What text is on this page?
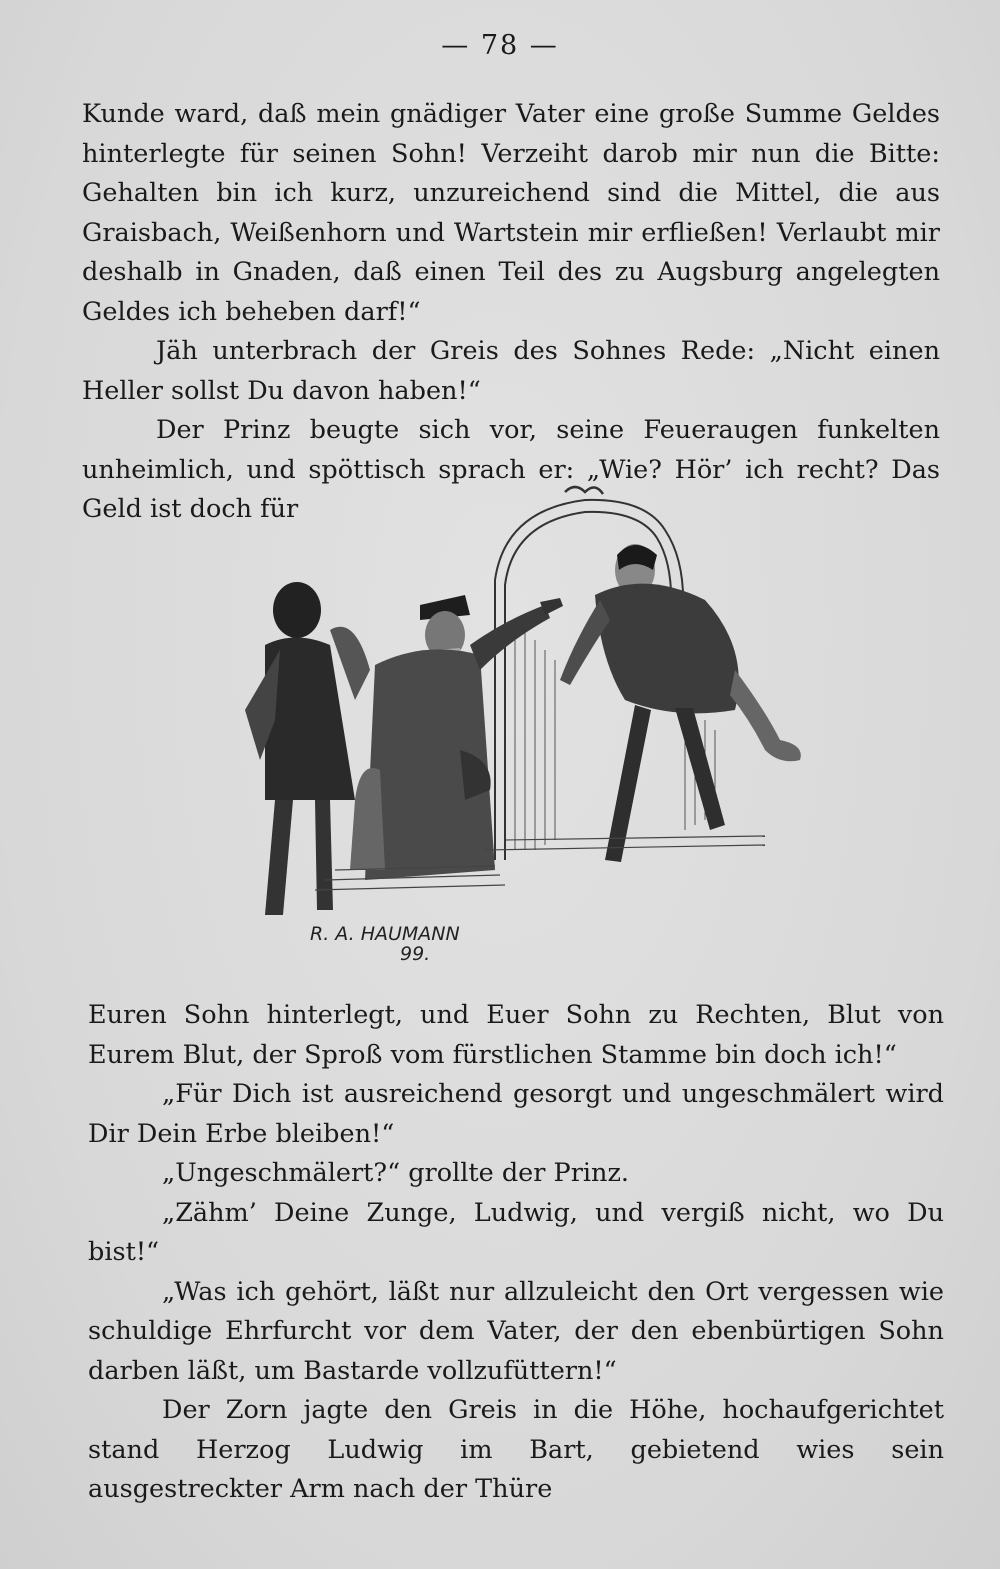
— 78 —

Kunde ward, daß mein gnädiger Vater eine große Summe Geldes hinterlegte für seinen Sohn! Verzeiht darob mir nun die Bitte: Gehalten bin ich kurz, unzureichend sind die Mittel, die aus Graisbach, Weißenhorn und Wartstein mir erfließen! Verlaubt mir deshalb in Gnaden, daß einen Teil des zu Augsburg angelegten Geldes ich beheben darf!“

Jäh unterbrach der Greis des Sohnes Rede: „Nicht einen Heller sollst Du davon haben!“

Der Prinz beugte sich vor, seine Feueraugen funkelten unheimlich, und spöttisch sprach er: „Wie? Hör’ ich recht? Das Geld ist doch für

R. A. HAUMANN
99.

Euren Sohn hinterlegt, und Euer Sohn zu Rechten, Blut von Eurem Blut, der Sproß vom fürstlichen Stamme bin doch ich!“

„Für Dich ist ausreichend gesorgt und ungeschmälert wird Dir Dein Erbe bleiben!“

„Ungeschmälert?“ grollte der Prinz.

„Zähm’ Deine Zunge, Ludwig, und vergiß nicht, wo Du bist!“

„Was ich gehört, läßt nur allzuleicht den Ort vergessen wie schuldige Ehrfurcht vor dem Vater, der den ebenbürtigen Sohn darben läßt, um Bastarde vollzufüttern!“

Der Zorn jagte den Greis in die Höhe, hochaufgerichtet stand Herzog Ludwig im Bart, gebietend wies sein ausgestreckter Arm nach der Thüre
